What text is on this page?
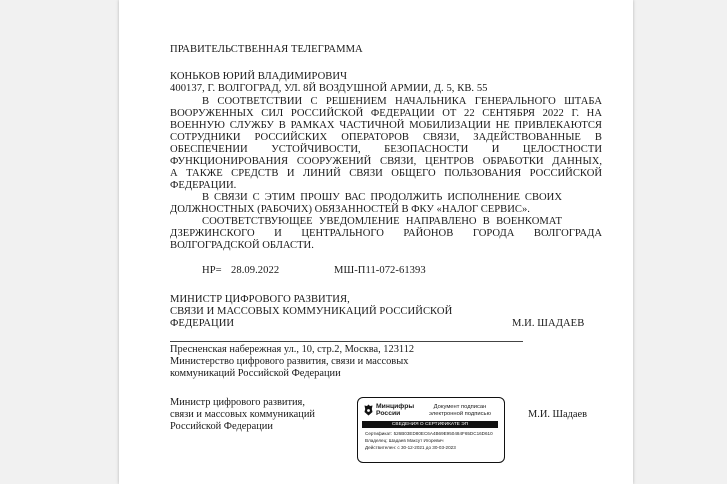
ПРАВИТЕЛЬСТВЕННАЯ ТЕЛЕГРАММА
КОНЬКОВ ЮРИЙ ВЛАДИМИРОВИЧ
400137, Г. ВОЛГОГРАД, УЛ. 8Й ВОЗДУШНОЙ АРМИИ, Д. 5, КВ. 55
В СООТВЕТСТВИИ С РЕШЕНИЕМ НАЧАЛЬНИКА ГЕНЕРАЛЬНОГО ШТАБА
ВООРУЖЕННЫХ СИЛ РОССИЙСКОЙ ФЕДЕРАЦИИ ОТ 22 СЕНТЯБРЯ 2022 Г. НА
ВОЕННУЮ СЛУЖБУ В РАМКАХ ЧАСТИЧНОЙ МОБИЛИЗАЦИИ НЕ ПРИВЛЕКАЮТСЯ
СОТРУДНИКИ РОССИЙСКИХ ОПЕРАТОРОВ СВЯЗИ, ЗАДЕЙСТВОВАННЫЕ В
ОБЕСПЕЧЕНИИ УСТОЙЧИВОСТИ, БЕЗОПАСНОСТИ И ЦЕЛОСТНОСТИ
ФУНКЦИОНИРОВАНИЯ СООРУЖЕНИЙ СВЯЗИ, ЦЕНТРОВ ОБРАБОТКИ ДАННЫХ,
А ТАКЖЕ СРЕДСТВ И ЛИНИЙ СВЯЗИ ОБЩЕГО ПОЛЬЗОВАНИЯ РОССИЙСКОЙ
ФЕДЕРАЦИИ.
В СВЯЗИ С ЭТИМ ПРОШУ ВАС ПРОДОЛЖИТЬ ИСПОЛНЕНИЕ СВОИХ
ДОЛЖНОСТНЫХ (РАБОЧИХ) ОБЯЗАННОСТЕЙ В ФКУ «НАЛОГ СЕРВИС».
СООТВЕТСТВУЮЩЕЕ УВЕДОМЛЕНИЕ НАПРАВЛЕНО В ВОЕНКОМАТ
ДЗЕРЖИНСКОГО И ЦЕНТРАЛЬНОГО РАЙОНОВ ГОРОДА ВОЛГОГРАДА
ВОЛГОГРАДСКОЙ ОБЛАСТИ.
НР= 28.09.2022	МШ-П11-072-61393
МИНИСТР ЦИФРОВОГО РАЗВИТИЯ,
СВЯЗИ И МАССОВЫХ КОММУНИКАЦИЙ РОССИЙСКОЙ
ФЕДЕРАЦИИ	М.И. ШАДАЕВ
Пресненская набережная ул., 10, стр.2, Москва, 123112
Министерство цифрового развития, связи и массовых
коммуникаций Российской Федерации
Министр цифрового развития,
связи и массовых коммуникаций
Российской Федерации
М.И. Шадаев
Минцифры
России
Документ подписан
электронной подписью
СВЕДЕНИЯ О СЕРТИФИКАТЕ ЭП
Сертификат: 526B03ED80EC6A4B69E950484F65DC16D610
Владелец: Шадаев Максут Игоревич
Действителен: с 30-12-2021 до 30-03-2023
